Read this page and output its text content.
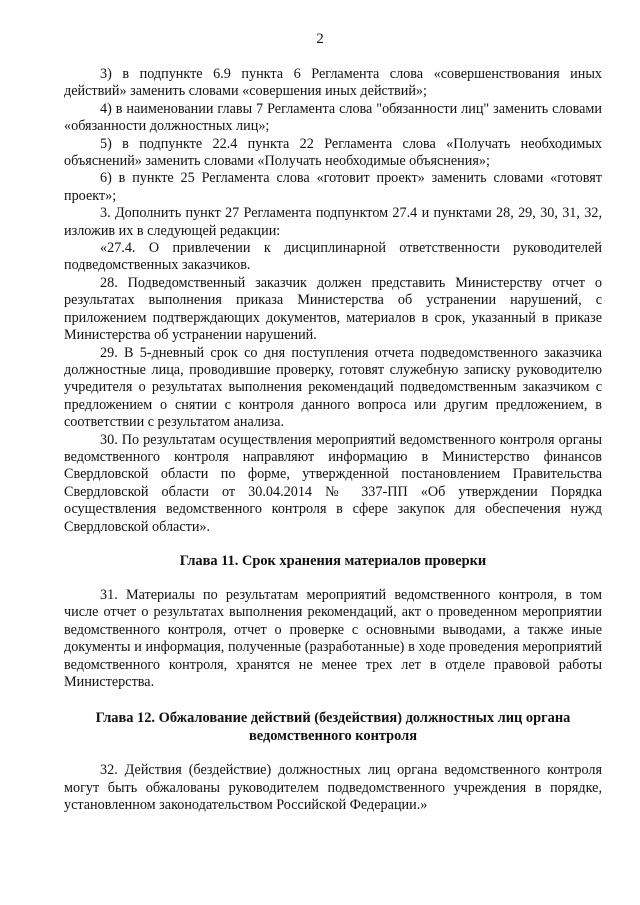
2

3) в подпункте 6.9 пункта 6 Регламента слова «совершенствования иных действий» заменить словами «совершения иных действий»;

4) в наименовании главы 7 Регламента слова "обязанности лиц" заменить словами «обязанности должностных лиц»;

5) в подпункте 22.4 пункта 22 Регламента слова «Получать необходимых объяснений» заменить словами «Получать необходимые объяснения»;

6) в пункте 25 Регламента слова «готовит проект» заменить словами «готовят проект»;

3. Дополнить пункт 27 Регламента подпунктом 27.4 и пунктами 28, 29, 30, 31, 32, изложив их в следующей редакции:

«27.4. О привлечении к дисциплинарной ответственности руководителей подведомственных заказчиков.

28. Подведомственный заказчик должен представить Министерству отчет о результатах выполнения приказа Министерства об устранении нарушений, с приложением подтверждающих документов, материалов в срок, указанный в приказе Министерства об устранении нарушений.

29. В 5-дневный срок со дня поступления отчета подведомственного заказчика должностные лица, проводившие проверку, готовят служебную записку руководителю учредителя о результатах выполнения рекомендаций подведомственным заказчиком с предложением о снятии с контроля данного вопроса или другим предложением, в соответствии с результатом анализа.

30. По результатам осуществления мероприятий ведомственного контроля органы ведомственного контроля направляют информацию в Министерство финансов Свердловской области по форме, утвержденной постановлением Правительства Свердловской области от 30.04.2014 № 337-ПП «Об утверждении Порядка осуществления ведомственного контроля в сфере закупок для обеспечения нужд Свердловской области».

Глава 11. Срок хранения материалов проверки

31. Материалы по результатам мероприятий ведомственного контроля, в том числе отчет о результатах выполнения рекомендаций, акт о проведенном мероприятии ведомственного контроля, отчет о проверке с основными выводами, а также иные документы и информация, полученные (разработанные) в ходе проведения мероприятий ведомственного контроля, хранятся не менее трех лет в отделе правовой работы Министерства.

Глава 12. Обжалование действий (бездействия) должностных лиц органа ведомственного контроля

32. Действия (бездействие) должностных лиц органа ведомственного контроля могут быть обжалованы руководителем подведомственного учреждения в порядке, установленном законодательством Российской Федерации.»
